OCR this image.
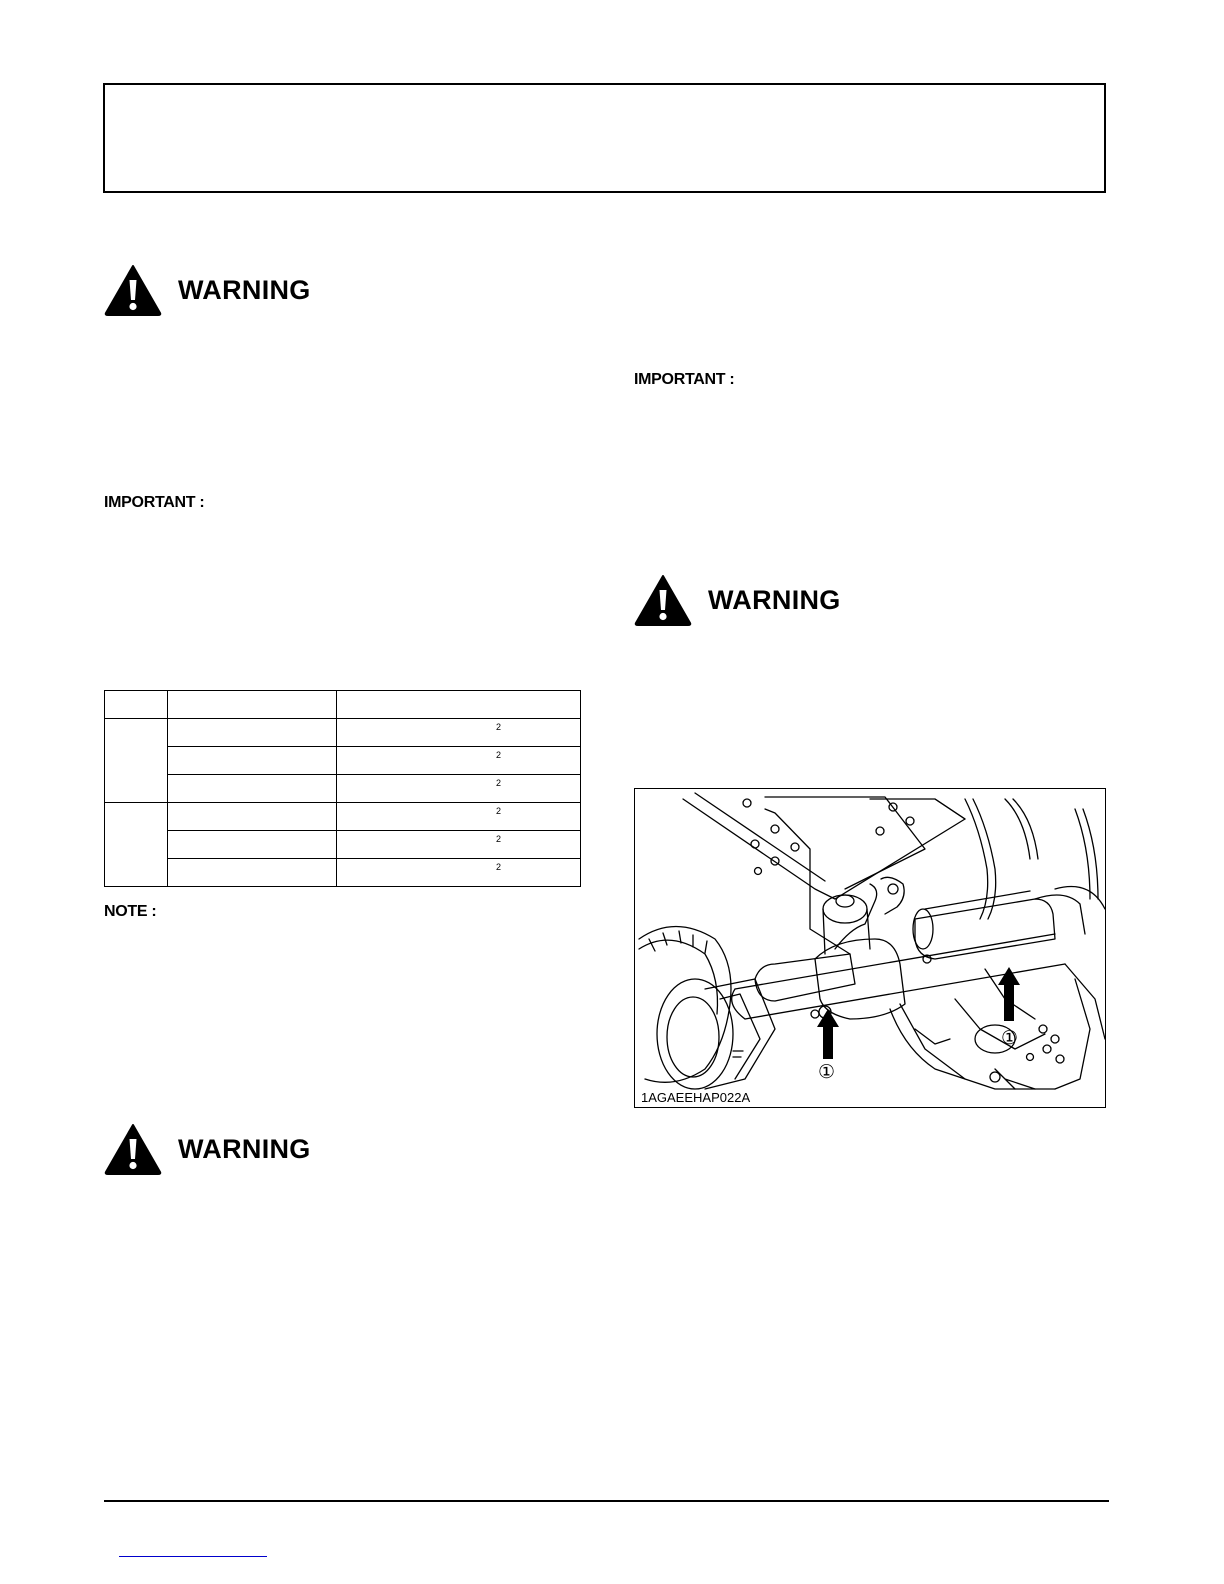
WARNING
IMPORTANT :

		2

		2

		2

		2

		2

		2
NOTE :
WARNING
IMPORTANT :
WARNING
①
①
1AGAEEHAP022A
